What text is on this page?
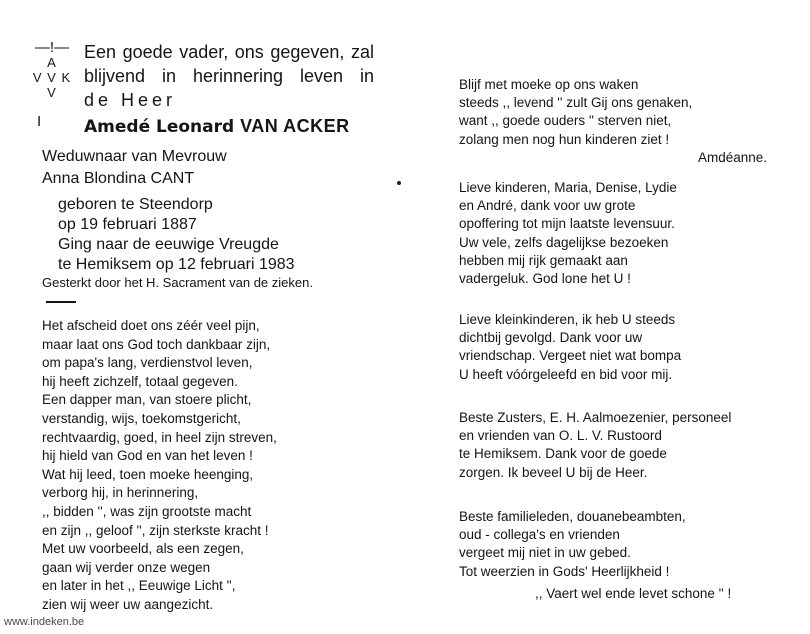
—!—
A
V V K
V
I
Een goede vader, ons gegeven, zal
blijvend in herinnering leven in
de Heer
Amedé Leonard VAN ACKER
Weduwnaar van Mevrouw
Anna Blondina CANT
geboren te Steendorp
op 19 februari 1887
Ging naar de eeuwige Vreugde
te Hemiksem op 12 februari 1983
Gesterkt door het H. Sacrament van de zieken.
Het afscheid doet ons zéér veel pijn,
maar laat ons God toch dankbaar zijn,
om papa's lang, verdienstvol leven,
hij heeft zichzelf, totaal gegeven.
Een dapper man, van stoere plicht,
verstandig, wijs, toekomstgericht,
rechtvaardig, goed, in heel zijn streven,
hij hield van God en van het leven !
Wat hij leed, toen moeke heenging,
verborg hij, in herinnering,
,, bidden '', was zijn grootste macht
en zijn ,, geloof '', zijn sterkste kracht !
Met uw voorbeeld, als een zegen,
gaan wij verder onze wegen
en later in het ,, Eeuwige Licht '',
zien wij weer uw aangezicht.
Blijf met moeke op ons waken
steeds ,, levend '' zult Gij ons genaken,
want ,, goede ouders '' sterven niet,
zolang men nog hun kinderen ziet !
Amdéanne.
Lieve kinderen, Maria, Denise, Lydie
en André, dank voor uw grote
opoffering tot mijn laatste levensuur.
Uw vele, zelfs dagelijkse bezoeken
hebben mij rijk gemaakt aan
vadergeluk. God lone het U !
Lieve kleinkinderen, ik heb U steeds
dichtbij gevolgd. Dank voor uw
vriendschap. Vergeet niet wat bompa
U heeft vóórgeleefd en bid voor mij.
Beste Zusters, E. H. Aalmoezenier, personeel
en vrienden van O. L. V. Rustoord
te Hemiksem. Dank voor de goede
zorgen. Ik beveel U bij de Heer.
Beste familieleden, douanebeambten,
oud - collega's en vrienden
vergeet mij niet in uw gebed.
Tot weerzien in Gods' Heerlijkheid !
,, Vaert wel ende levet schone '' !
www.indeken.be
